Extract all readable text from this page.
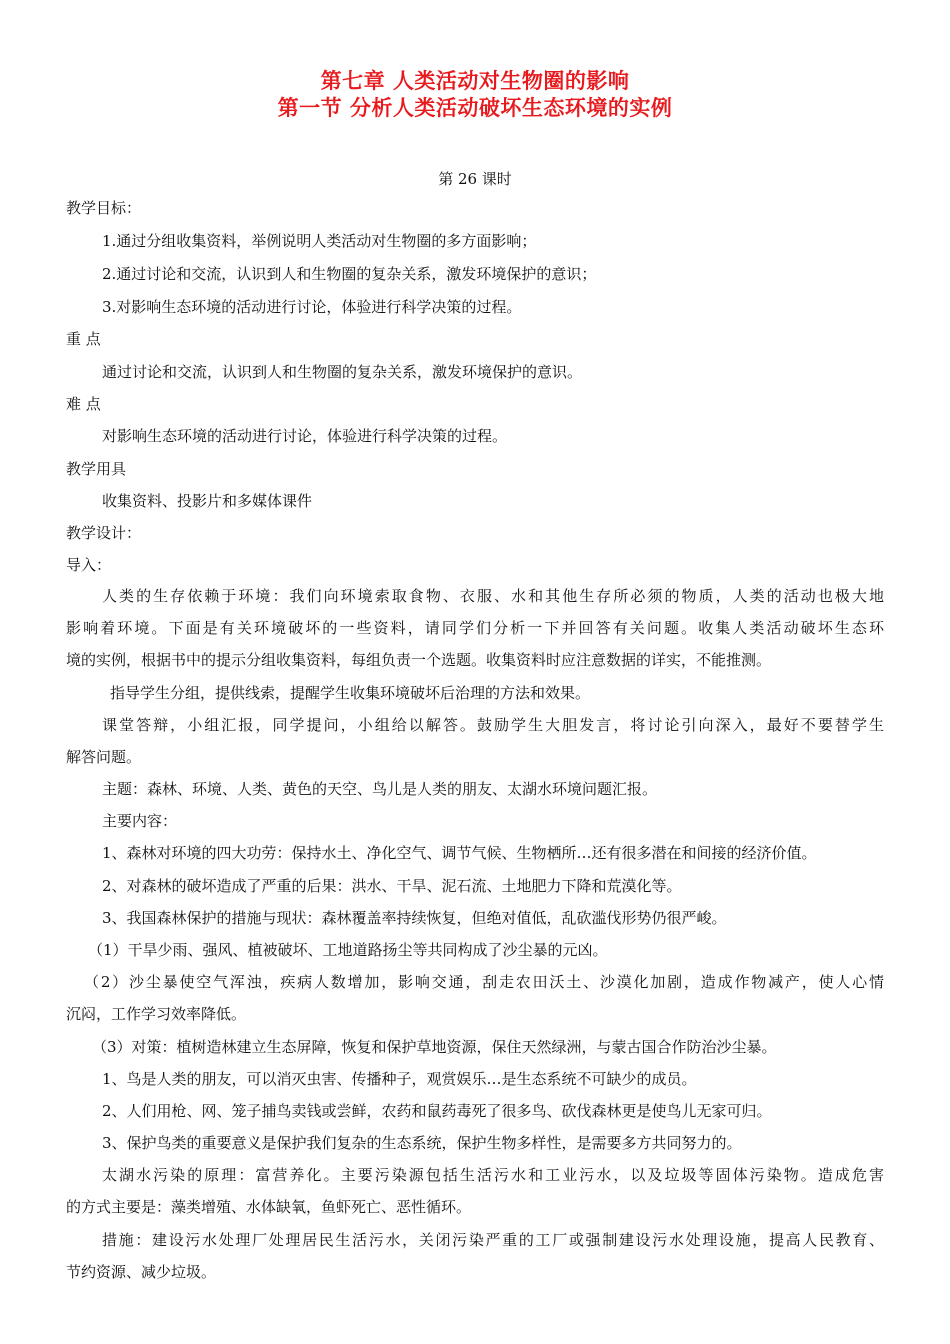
第七章 人类活动对生物圈的影响
第一节 分析人类活动破坏生态环境的实例
第 26 课时
教学目标：
1.通过分组收集资料，举例说明人类活动对生物圈的多方面影响；
2.通过讨论和交流，认识到人和生物圈的复杂关系，激发环境保护的意识；
3.对影响生态环境的活动进行讨论，体验进行科学决策的过程。
重 点
通过讨论和交流，认识到人和生物圈的复杂关系，激发环境保护的意识。
难 点
对影响生态环境的活动进行讨论，体验进行科学决策的过程。
教学用具
收集资料、投影片和多媒体课件
教学设计：
导入：
人类的生存依赖于环境：我们向环境索取食物、衣服、水和其他生存所必须的物质，人类的活动也极大地
影响着环境。下面是有关环境破坏的一些资料，请同学们分析一下并回答有关问题。收集人类活动破坏生态环
境的实例，根据书中的提示分组收集资料，每组负责一个选题。收集资料时应注意数据的详实，不能推测。
指导学生分组，提供线索，提醒学生收集环境破坏后治理的方法和效果。
课堂答辩，小组汇报，同学提问，小组给以解答。鼓励学生大胆发言，将讨论引向深入，最好不要替学生
解答问题。
主题：森林、环境、人类、黄色的天空、鸟儿是人类的朋友、太湖水环境问题汇报。
主要内容：
1、森林对环境的四大功劳：保持水土、净化空气、调节气候、生物栖所…还有很多潜在和间接的经济价值。
2、对森林的破坏造成了严重的后果：洪水、干旱、泥石流、土地肥力下降和荒漠化等。
3、我国森林保护的措施与现状：森林覆盖率持续恢复，但绝对值低，乱砍滥伐形势仍很严峻。
（1）干旱少雨、强风、植被破坏、工地道路扬尘等共同构成了沙尘暴的元凶。
（2）沙尘暴使空气浑浊，疾病人数增加，影响交通，刮走农田沃土、沙漠化加剧，造成作物减产，使人心情
沉闷，工作学习效率降低。
（3）对策：植树造林建立生态屏障，恢复和保护草地资源，保住天然绿洲，与蒙古国合作防治沙尘暴。
1、鸟是人类的朋友，可以消灭虫害、传播种子，观赏娱乐…是生态系统不可缺少的成员。
2、人们用枪、网、笼子捕鸟卖钱或尝鲜，农药和鼠药毒死了很多鸟、砍伐森林更是使鸟儿无家可归。
3、保护鸟类的重要意义是保护我们复杂的生态系统，保护生物多样性，是需要多方共同努力的。
太湖水污染的原理：富营养化。主要污染源包括生活污水和工业污水，以及垃圾等固体污染物。造成危害
的方式主要是：藻类增殖、水体缺氧，鱼虾死亡、恶性循环。
措施：建设污水处理厂处理居民生活污水，关闭污染严重的工厂或强制建设污水处理设施，提高人民教育、
节约资源、减少垃圾。
